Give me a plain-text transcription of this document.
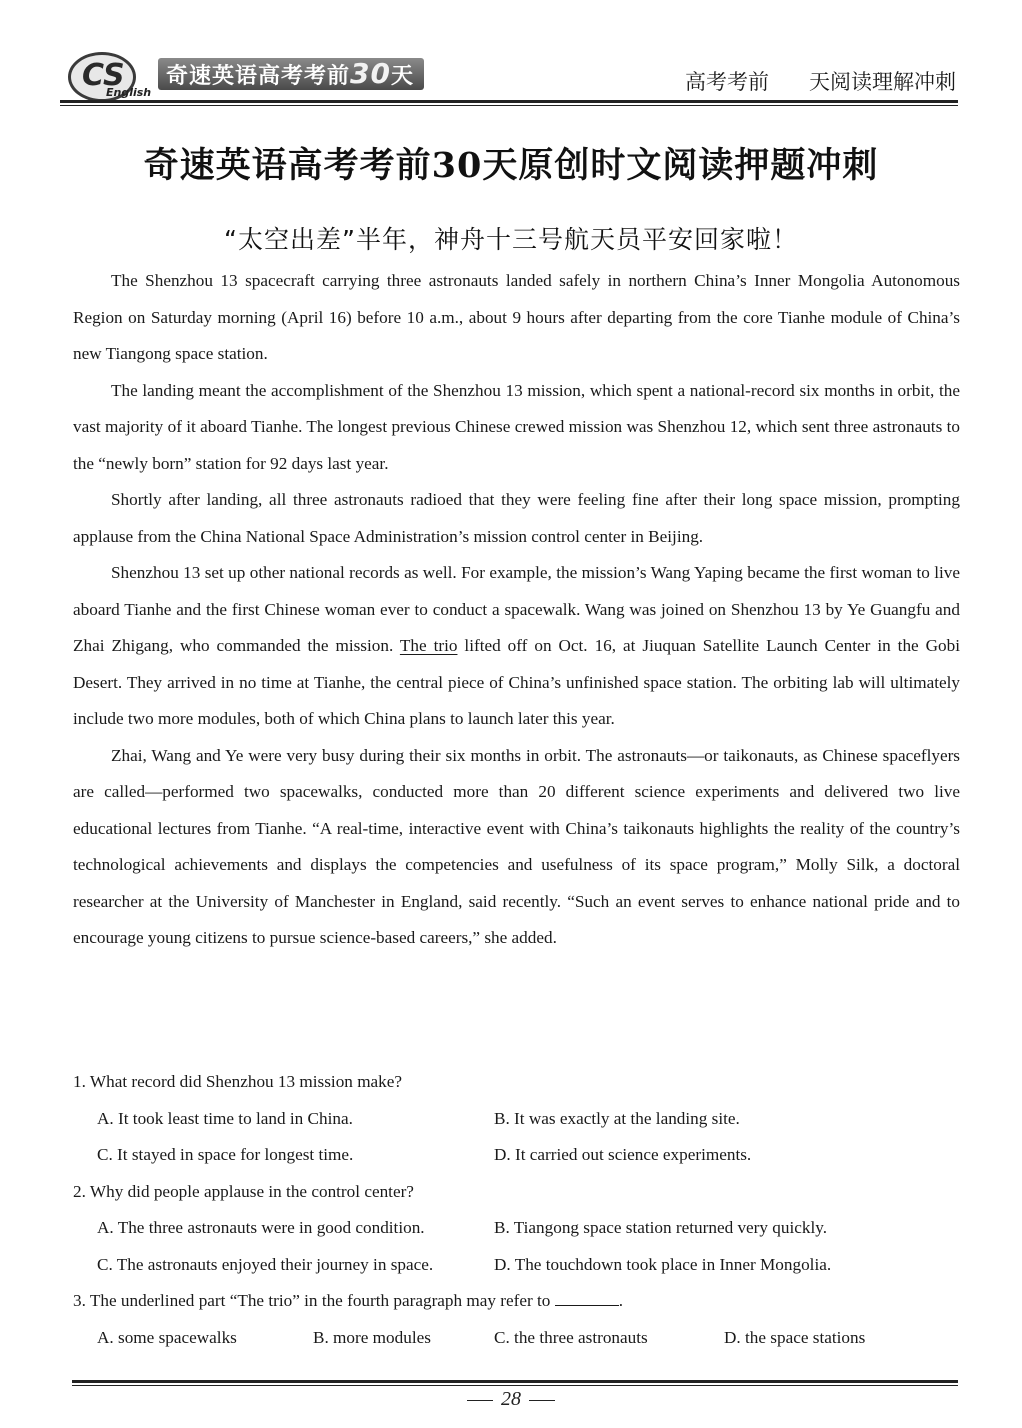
CS
English
奇速英语高考考前30天	高考考前 天阅读理解冲刺
奇速英语高考考前30天原创时文阅读押题冲刺
“太空出差”半年，神舟十三号航天员平安回家啦！

The Shenzhou 13 spacecraft carrying three astronauts landed safely in northern China’s Inner Mongolia Autonomous Region on Saturday morning (April 16) before 10 a.m., about 9 hours after departing from the core Tianhe module of China’s new Tiangong space station.

The landing meant the accomplishment of the Shenzhou 13 mission, which spent a national-record six months in orbit, the vast majority of it aboard Tianhe. The longest previous Chinese crewed mission was Shenzhou 12, which sent three astronauts to the “newly born” station for 92 days last year.

Shortly after landing, all three astronauts radioed that they were feeling fine after their long space mission, prompting applause from the China National Space Administration’s mission control center in Beijing.

Shenzhou 13 set up other national records as well. For example, the mission’s Wang Yaping became the first woman to live aboard Tianhe and the first Chinese woman ever to conduct a spacewalk. Wang was joined on Shenzhou 13 by Ye Guangfu and Zhai Zhigang, who commanded the mission. The trio lifted off on Oct. 16, at Jiuquan Satellite Launch Center in the Gobi Desert. They arrived in no time at Tianhe, the central piece of China’s unfinished space station. The orbiting lab will ultimately include two more modules, both of which China plans to launch later this year.

Zhai, Wang and Ye were very busy during their six months in orbit. The astronauts—or taikonauts, as Chinese spaceflyers are called—performed two spacewalks, conducted more than 20 different science experiments and delivered two live educational lectures from Tianhe. “A real-time, interactive event with China’s taikonauts highlights the reality of the country’s technological achievements and displays the competencies and usefulness of its space program,” Molly Silk, a doctoral researcher at the University of Manchester in England, said recently. “Such an event serves to enhance national pride and to encourage young citizens to pursue science-based careers,” she added.

1. What record did Shenzhou 13 mission make?
A. It took least time to land in China.	B. It was exactly at the landing site.
C. It stayed in space for longest time.	D. It carried out science experiments.
2. Why did people applause in the control center?
A. The three astronauts were in good condition.	B. Tiangong space station returned very quickly.
C. The astronauts enjoyed their journey in space.	D. The touchdown took place in Inner Mongolia.
3. The underlined part “The trio” in the fourth paragraph may refer to	.
A. some spacewalks	B. more modules	C. the three astronauts	D. the space stations
28
